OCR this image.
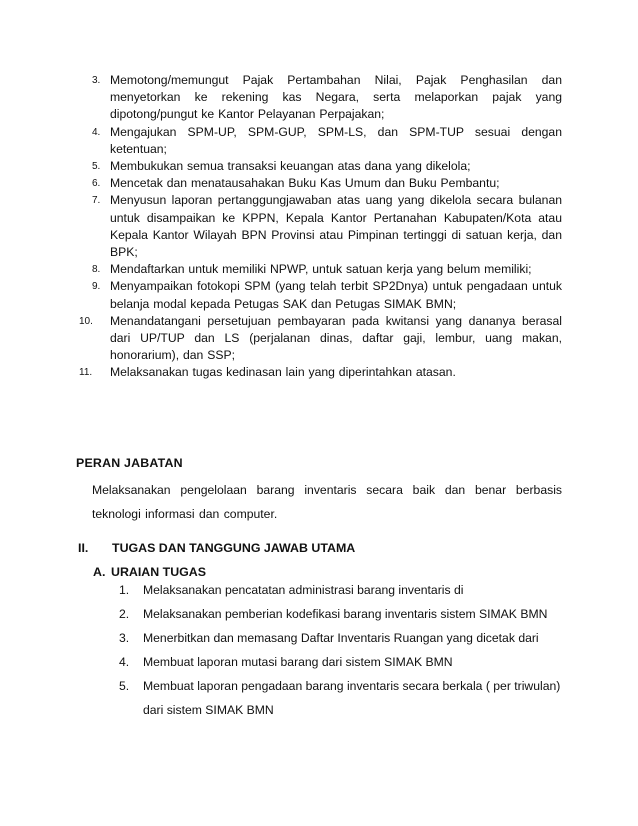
3. Memotong/memungut Pajak Pertambahan Nilai, Pajak Penghasilan dan menyetorkan ke rekening kas Negara, serta melaporkan pajak yang dipotong/pungut ke Kantor Pelayanan Perpajakan;
4. Mengajukan SPM-UP, SPM-GUP, SPM-LS, dan SPM-TUP sesuai dengan ketentuan;
5. Membukukan semua transaksi keuangan atas dana yang dikelola;
6. Mencetak dan menatausahakan Buku Kas Umum dan Buku Pembantu;
7. Menyusun laporan pertanggungjawaban atas uang yang dikelola secara bulanan untuk disampaikan ke KPPN, Kepala Kantor Pertanahan Kabupaten/Kota atau Kepala Kantor Wilayah BPN Provinsi atau Pimpinan tertinggi di satuan kerja, dan BPK;
8. Mendaftarkan untuk memiliki NPWP, untuk satuan kerja yang belum memiliki;
9. Menyampaikan fotokopi SPM (yang telah terbit SP2Dnya) untuk pengadaan untuk belanja modal kepada Petugas SAK dan Petugas SIMAK BMN;
10. Menandatangani persetujuan pembayaran pada kwitansi yang dananya berasal dari UP/TUP dan LS (perjalanan dinas, daftar gaji, lembur, uang makan, honorarium), dan SSP;
11. Melaksanakan tugas kedinasan lain yang diperintahkan atasan.
PERAN JABATAN
Melaksanakan pengelolaan barang inventaris secara baik dan benar berbasis teknologi informasi dan computer.
II. TUGAS DAN TANGGUNG JAWAB UTAMA
A. URAIAN TUGAS
1. Melaksanakan pencatatan administrasi barang inventaris di
2. Melaksanakan pemberian kodefikasi barang inventaris sistem SIMAK BMN
3. Menerbitkan dan memasang Daftar Inventaris Ruangan yang dicetak dari
4. Membuat laporan mutasi barang dari sistem SIMAK BMN
5. Membuat laporan pengadaan barang inventaris secara berkala ( per triwulan) dari sistem SIMAK BMN
